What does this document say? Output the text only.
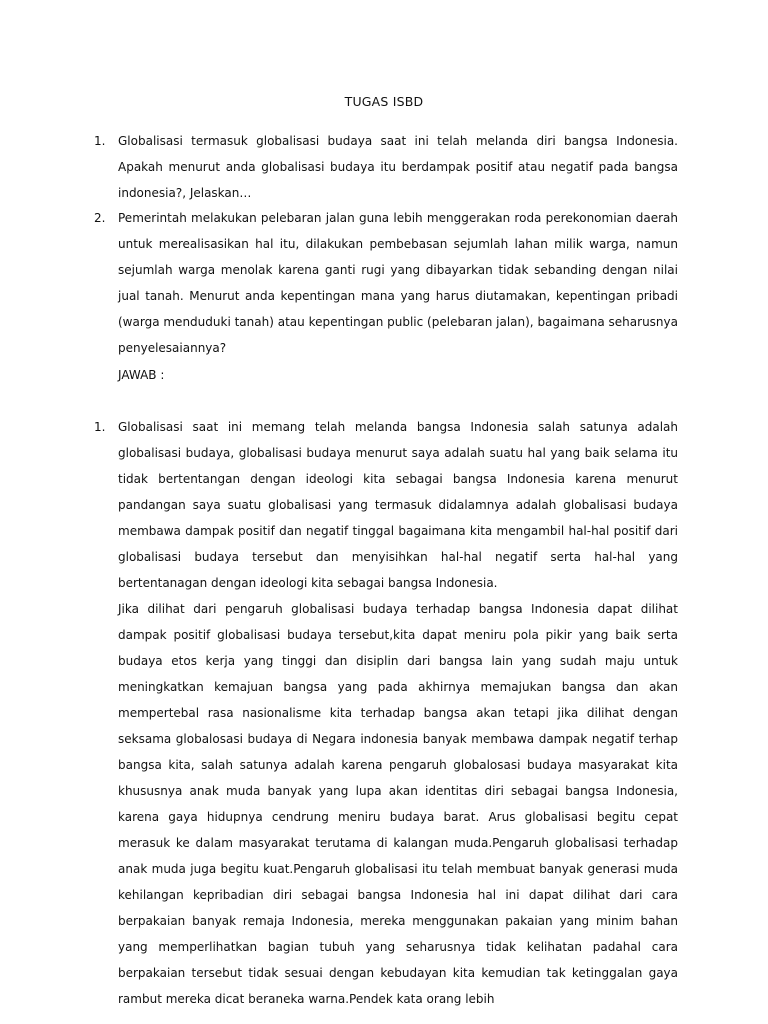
TUGAS ISBD
1.	Globalisasi termasuk globalisasi budaya saat ini telah melanda diri bangsa Indonesia. Apakah menurut anda globalisasi budaya itu berdampak positif atau negatif pada bangsa indonesia?, Jelaskan…
2.	Pemerintah melakukan pelebaran jalan guna lebih menggerakan roda perekonomian daerah untuk merealisasikan hal itu, dilakukan pembebasan sejumlah lahan milik warga, namun sejumlah warga menolak karena ganti rugi yang dibayarkan tidak sebanding dengan nilai jual tanah. Menurut anda kepentingan mana yang harus diutamakan, kepentingan pribadi (warga menduduki tanah) atau kepentingan public (pelebaran jalan), bagaimana seharusnya penyelesaiannya?
JAWAB :
1.	Globalisasi saat ini memang telah melanda bangsa Indonesia salah satunya adalah globalisasi budaya, globalisasi budaya menurut saya adalah suatu hal yang baik selama itu tidak bertentangan dengan ideologi kita sebagai bangsa Indonesia karena menurut pandangan saya suatu globalisasi yang termasuk didalamnya adalah globalisasi budaya membawa dampak positif dan negatif tinggal bagaimana kita mengambil hal-hal positif dari globalisasi budaya tersebut dan menyisihkan hal-hal negatif serta hal-hal yang bertentanagan dengan ideologi kita sebagai bangsa Indonesia.

Jika dilihat dari pengaruh globalisasi budaya terhadap bangsa Indonesia dapat dilihat dampak positif globalisasi budaya tersebut,kita dapat meniru pola pikir yang baik serta budaya etos kerja yang tinggi dan disiplin dari bangsa lain yang sudah maju untuk meningkatkan kemajuan bangsa yang pada akhirnya memajukan bangsa dan akan mempertebal rasa nasionalisme kita terhadap bangsa akan tetapi jika dilihat dengan seksama globalosasi budaya di Negara indonesia banyak membawa dampak negatif terhap bangsa kita, salah satunya adalah karena pengaruh globalosasi budaya masyarakat kita khususnya anak muda banyak yang lupa akan identitas diri sebagai bangsa Indonesia, karena gaya hidupnya cendrung meniru budaya barat. Arus globalisasi begitu cepat merasuk ke dalam masyarakat terutama di kalangan muda.Pengaruh globalisasi terhadap anak muda juga begitu kuat.Pengaruh globalisasi itu telah membuat banyak generasi muda kehilangan kepribadian diri sebagai bangsa Indonesia hal ini dapat dilihat dari cara berpakaian banyak remaja Indonesia, mereka menggunakan pakaian yang minim bahan yang memperlihatkan bagian tubuh yang seharusnya tidak kelihatan padahal cara berpakaian tersebut tidak sesuai dengan kebudayan kita kemudian tak ketinggalan gaya rambut mereka dicat beraneka warna.Pendek kata orang lebih
